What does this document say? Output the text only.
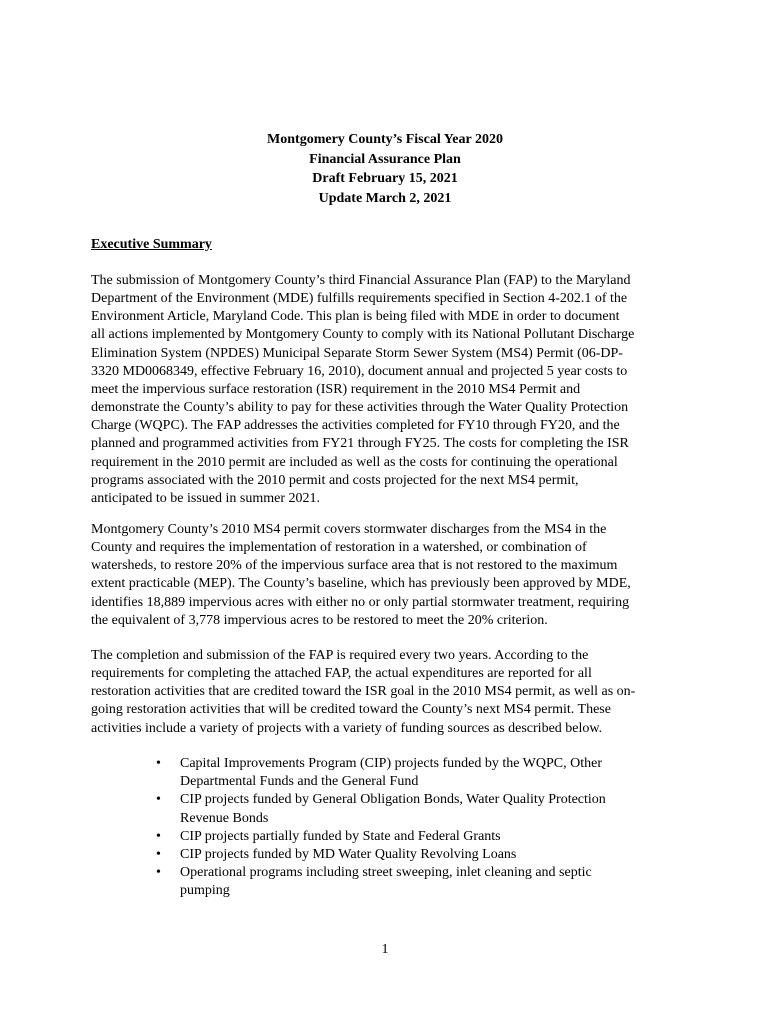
Montgomery County’s Fiscal Year 2020
Financial Assurance Plan
Draft February 15, 2021
Update March 2, 2021
Executive Summary
The submission of Montgomery County’s third Financial Assurance Plan (FAP) to the Maryland
Department of the Environment (MDE) fulfills requirements specified in Section 4-202.1 of the
Environment Article, Maryland Code. This plan is being filed with MDE in order to document
all actions implemented by Montgomery County to comply with its National Pollutant Discharge
Elimination System (NPDES) Municipal Separate Storm Sewer System (MS4) Permit (06-DP-
3320 MD0068349, effective February 16, 2010), document annual and projected 5 year costs to
meet the impervious surface restoration (ISR) requirement in the 2010 MS4 Permit and
demonstrate the County’s ability to pay for these activities through the Water Quality Protection
Charge (WQPC). The FAP addresses the activities completed for FY10 through FY20, and the
planned and programmed activities from FY21 through FY25. The costs for completing the ISR
requirement in the 2010 permit are included as well as the costs for continuing the operational
programs associated with the 2010 permit and costs projected for the next MS4 permit,
anticipated to be issued in summer 2021.
Montgomery County’s 2010 MS4 permit covers stormwater discharges from the MS4 in the
County and requires the implementation of restoration in a watershed, or combination of
watersheds, to restore 20% of the impervious surface area that is not restored to the maximum
extent practicable (MEP). The County’s baseline, which has previously been approved by MDE,
identifies 18,889 impervious acres with either no or only partial stormwater treatment, requiring
the equivalent of 3,778 impervious acres to be restored to meet the 20% criterion.
The completion and submission of the FAP is required every two years. According to the
requirements for completing the attached FAP, the actual expenditures are reported for all
restoration activities that are credited toward the ISR goal in the 2010 MS4 permit, as well as on-
going restoration activities that will be credited toward the County’s next MS4 permit. These
activities include a variety of projects with a variety of funding sources as described below.
•	Capital Improvements Program (CIP) projects funded by the WQPC, Other
Departmental Funds and the General Fund
•	CIP projects funded by General Obligation Bonds, Water Quality Protection
Revenue Bonds
•	CIP projects partially funded by State and Federal Grants
•	CIP projects funded by MD Water Quality Revolving Loans
•	Operational programs including street sweeping, inlet cleaning and septic
pumping
1
